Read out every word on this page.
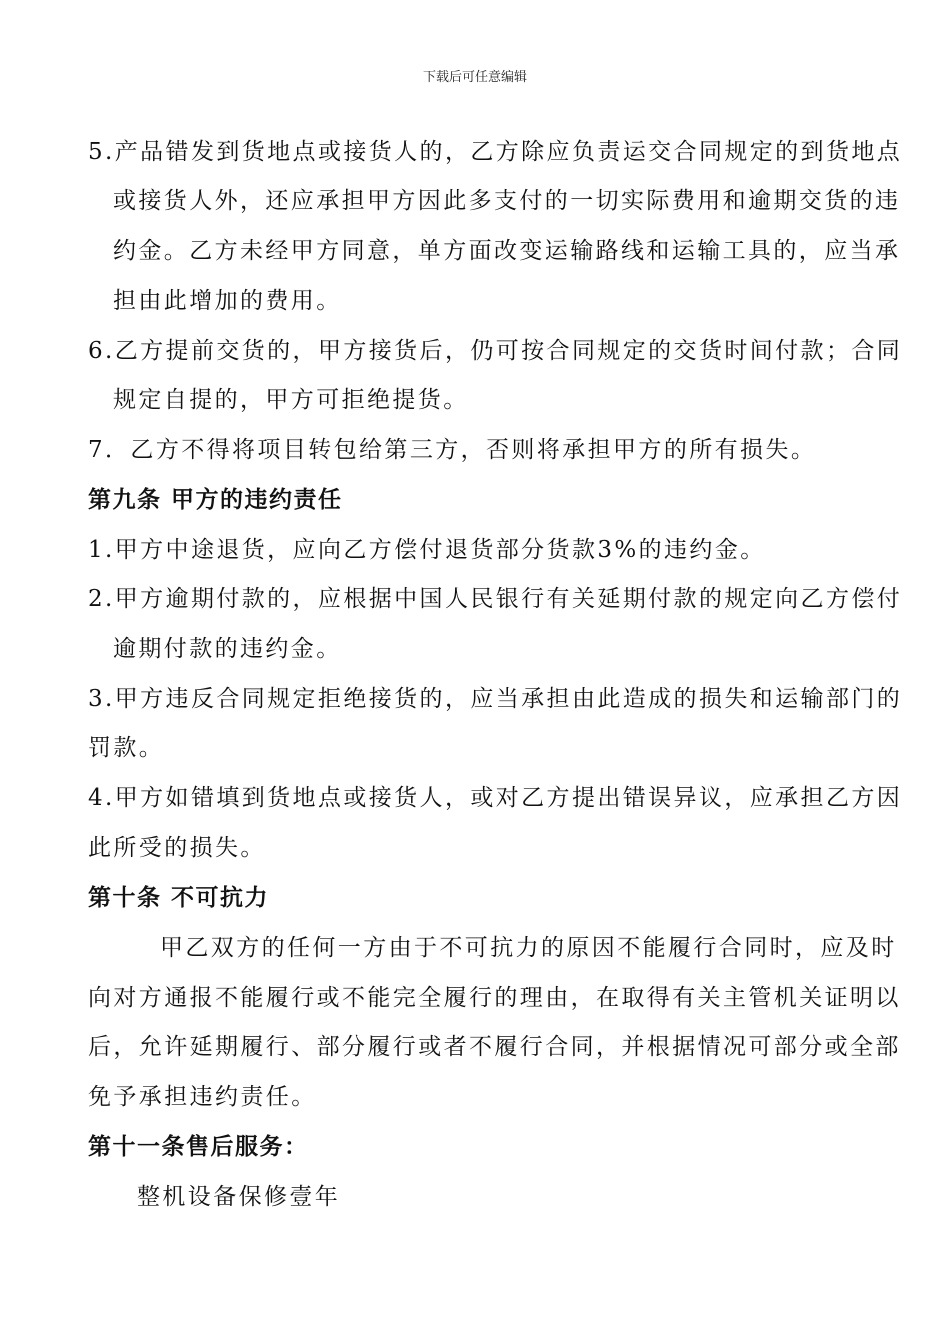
下载后可任意编辑
5.产品错发到货地点或接货人的，乙方除应负责运交合同规定的到货地点
或接货人外，还应承担甲方因此多支付的一切实际费用和逾期交货的违
约金。乙方未经甲方同意，单方面改变运输路线和运输工具的，应当承
担由此增加的费用。
6.乙方提前交货的，甲方接货后，仍可按合同规定的交货时间付款；合同
规定自提的，甲方可拒绝提货。
7．乙方不得将项目转包给第三方，否则将承担甲方的所有损失。
第九条 甲方的违约责任
1.甲方中途退货，应向乙方偿付退货部分货款3%的违约金。
2.甲方逾期付款的，应根据中国人民银行有关延期付款的规定向乙方偿付
逾期付款的违约金。
3.甲方违反合同规定拒绝接货的，应当承担由此造成的损失和运输部门的
罚款。
4.甲方如错填到货地点或接货人，或对乙方提出错误异议，应承担乙方因
此所受的损失。
第十条 不可抗力
甲乙双方的任何一方由于不可抗力的原因不能履行合同时，应及时
向对方通报不能履行或不能完全履行的理由，在取得有关主管机关证明以
后，允许延期履行、部分履行或者不履行合同，并根据情况可部分或全部
免予承担违约责任。
第十一条售后服务：
整机设备保修壹年
